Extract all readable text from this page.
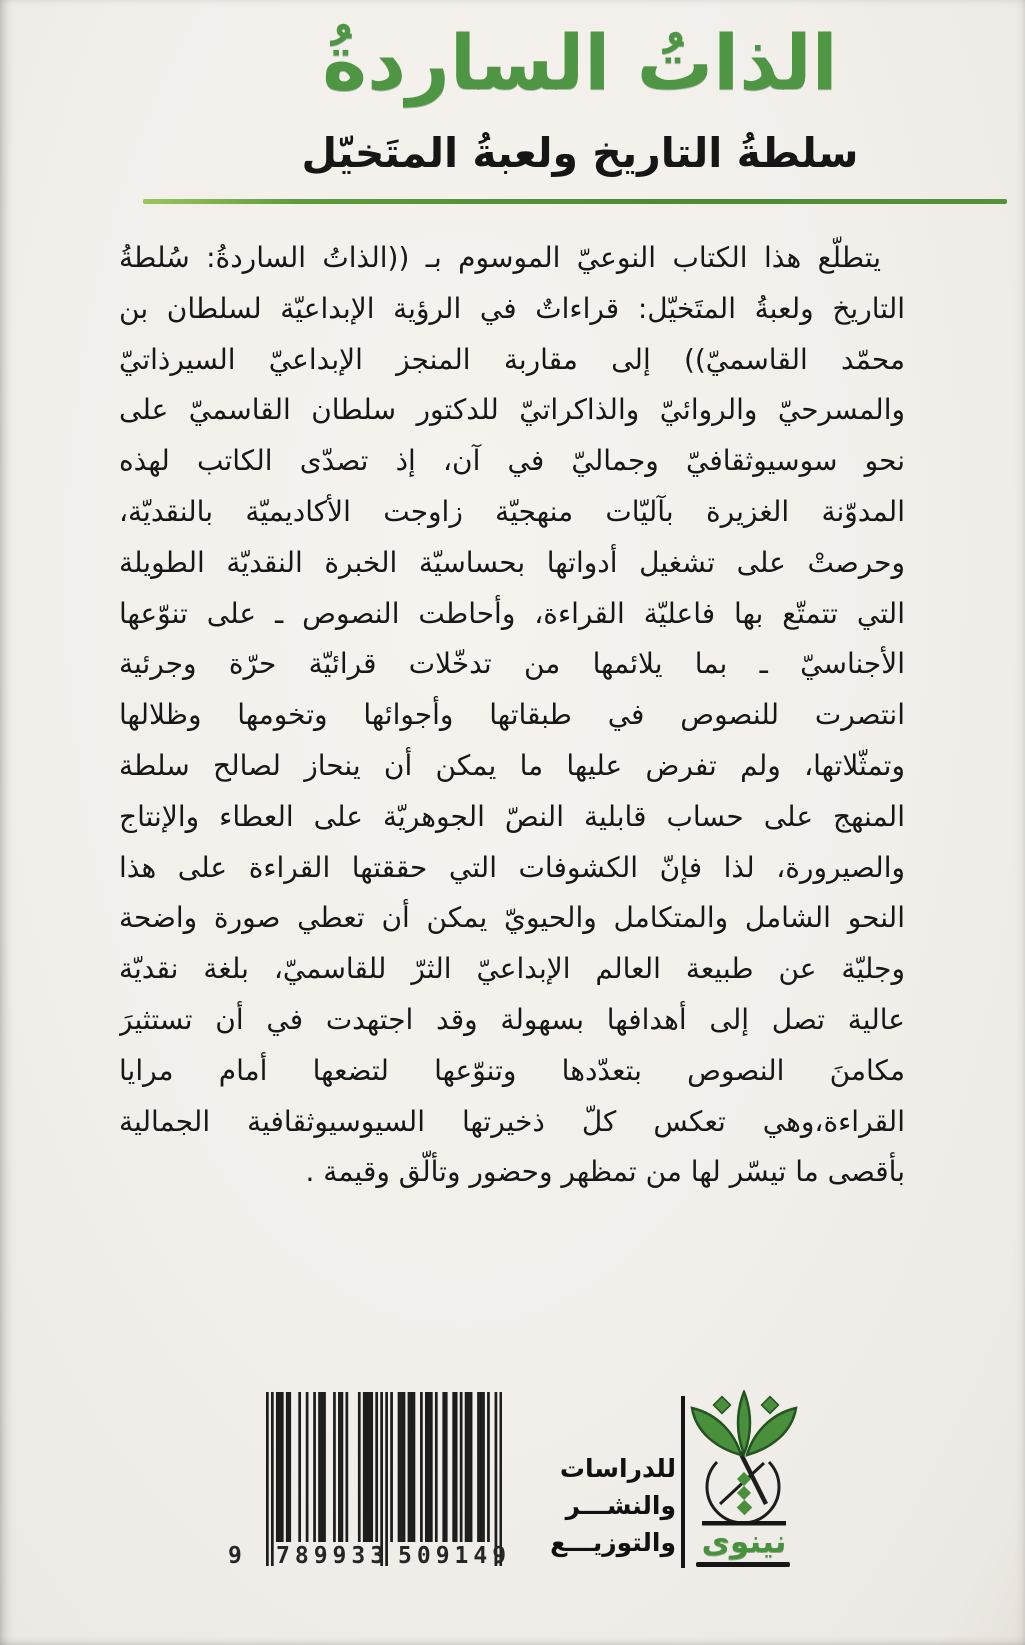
الذاتُ الساردةُ
سلطةُ التاريخ ولعبةُ المتَخيّل
يتطلّع هذا الكتاب النوعيّ الموسوم بـ ((الذاتُ الساردةُ: سُلطةُ
التاريخ ولعبةُ المتَخيّل: قراءاتٌ في الرؤية الإبداعيّة لسلطان بن
محمّد القاسميّ)) إلى مقاربة المنجز الإبداعيّ السيرذاتيّ
والمسرحيّ والروائيّ والذاكراتيّ للدكتور سلطان القاسميّ على
نحو سوسيوثقافيّ وجماليّ في آن، إذ تصدّى الكاتب لهذه
المدوّنة الغزيرة بآليّات منهجيّة زاوجت الأكاديميّة بالنقديّة،
وحرصتْ على تشغيل أدواتها بحساسيّة الخبرة النقديّة الطويلة
التي تتمتّع بها فاعليّة القراءة، وأحاطت النصوص ـ على تنوّعها
الأجناسيّ ـ بما يلائمها من تدخّلات قرائيّة حرّة وجرئية
انتصرت للنصوص في طبقاتها وأجوائها وتخومها وظلالها
وتمثّلاتها، ولم تفرض عليها ما يمكن أن ينحاز لصالح سلطة
المنهج على حساب قابلية النصّ الجوهريّة على العطاء والإنتاج
والصيرورة، لذا فإنّ الكشوفات التي حققتها القراءة على هذا
النحو الشامل والمتكامل والحيويّ يمكن أن تعطي صورة واضحة
وجليّة عن طبيعة العالم الإبداعيّ الثرّ للقاسميّ، بلغة نقديّة
عالية تصل إلى أهدافها بسهولة وقد اجتهدت في أن تستثيرَ
مكامنَ النصوص بتعدّدها وتنوّعها لتضعها أمام مرايا
القراءة،وهي تعكس كلّ ذخيرتها السيوسيوثقافية الجمالية
بأقصى ما تيسّر لها من تمظهر وحضور وتألّق وقيمة .
9 789933 509149
للدراسات
والنشـــر
والتوزيـــع نينوى
